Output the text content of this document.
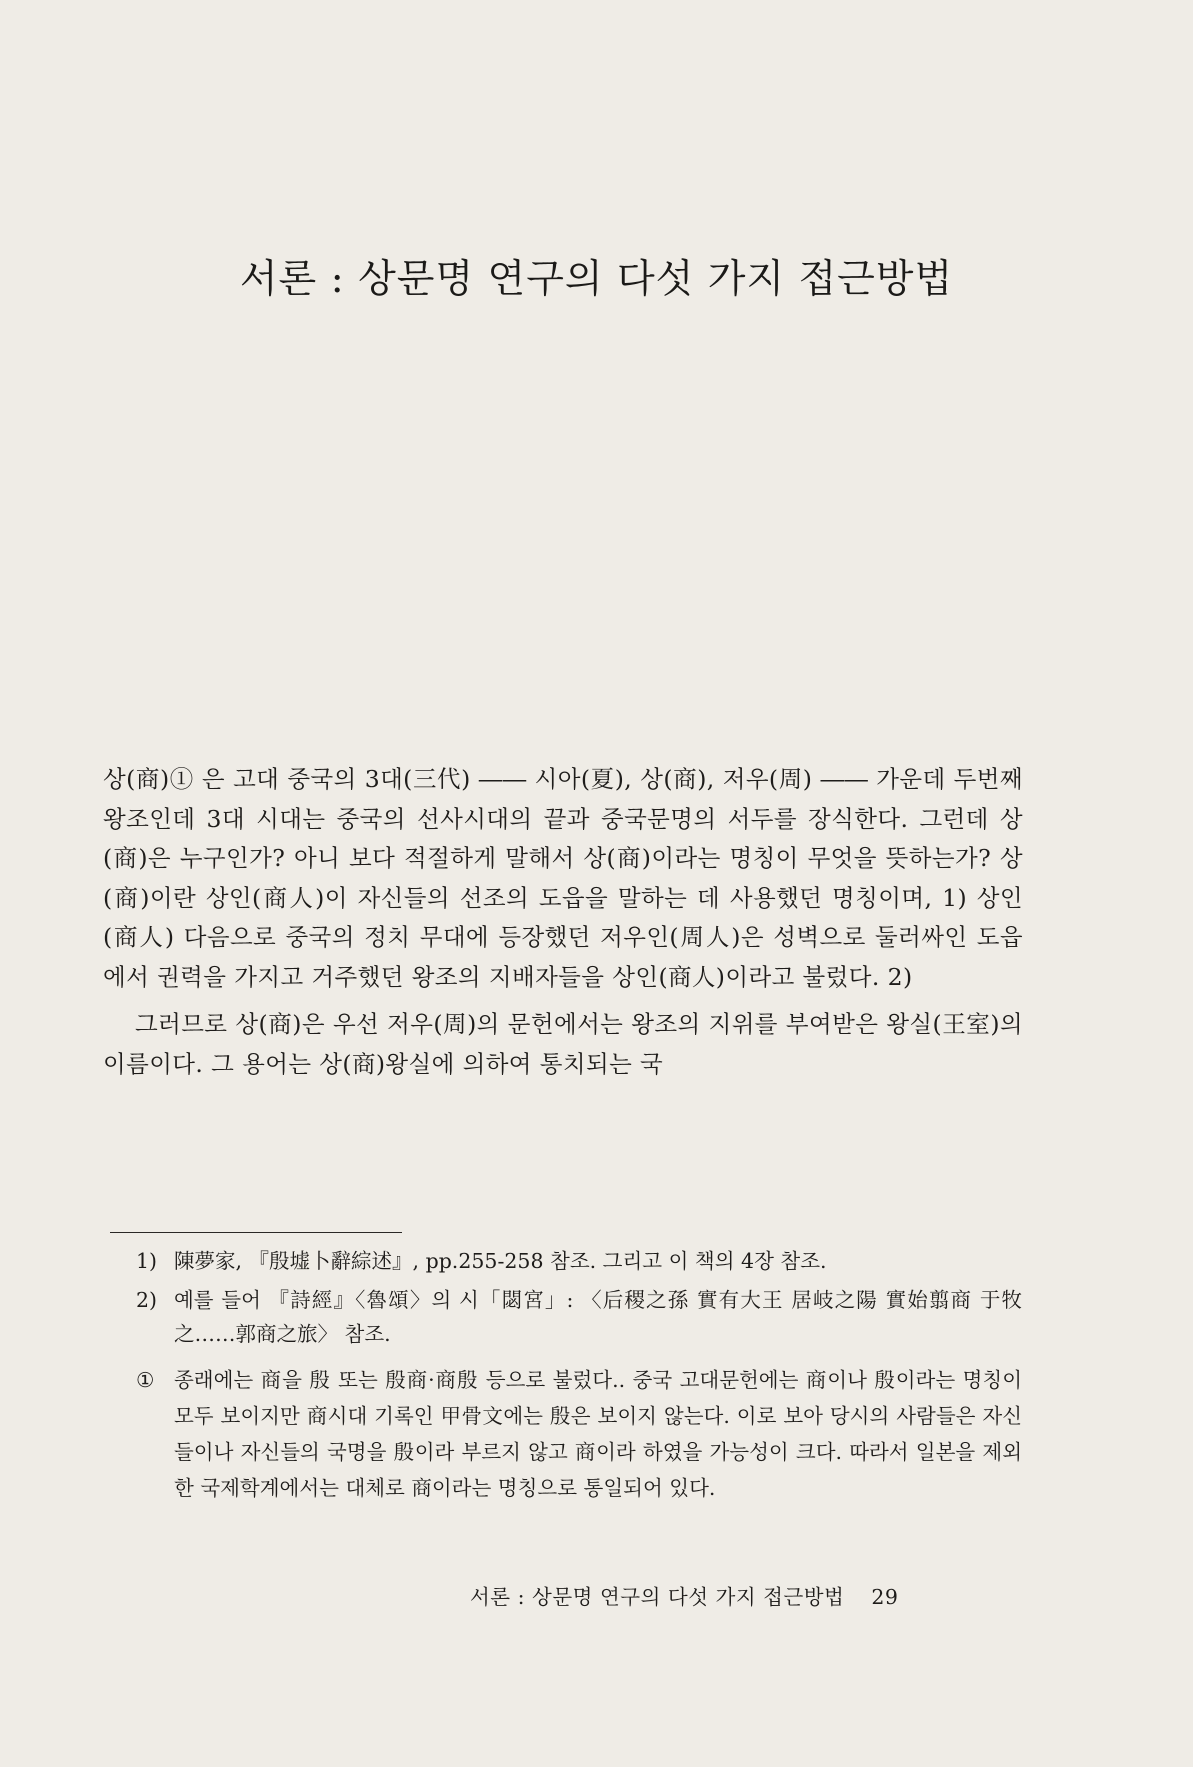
서론 : 상문명 연구의 다섯 가지 접근방법

상(商)① 은 고대 중국의 3대(三代) ―― 시아(夏), 상(商), 저우(周) ―― 가운데 두번째 왕조인데 3대 시대는 중국의 선사시대의 끝과 중국문명의 서두를 장식한다. 그런데 상(商)은 누구인가? 아니 보다 적절하게 말해서 상(商)이라는 명칭이 무엇을 뜻하는가? 상(商)이란 상인(商人)이 자신들의 선조의 도읍을 말하는 데 사용했던 명칭이며, 1) 상인(商人) 다음으로 중국의 정치 무대에 등장했던 저우인(周人)은 성벽으로 둘러싸인 도읍에서 권력을 가지고 거주했던 왕조의 지배자들을 상인(商人)이라고 불렀다. 2)

그러므로 상(商)은 우선 저우(周)의 문헌에서는 왕조의 지위를 부여받은 왕실(王室)의 이름이다. 그 용어는 상(商)왕실에 의하여 통치되는 국

1) 陳夢家, 『殷墟卜辭綜述』, pp.255-258 참조. 그리고 이 책의 4장 참조.
2) 예를 들어 『詩經』〈魯頌〉의 시「閟宮」: 〈后稷之孫 實有大王 居岐之陽 實始翦商 于牧之……郭商之旅〉 참조.
① 종래에는 商을 殷 또는 殷商·商殷 등으로 불렀다.. 중국 고대문헌에는 商이나 殷이라는 명칭이 모두 보이지만 商시대 기록인 甲骨文에는 殷은 보이지 않는다. 이로 보아 당시의 사람들은 자신들이나 자신들의 국명을 殷이라 부르지 않고 商이라 하였을 가능성이 크다. 따라서 일본을 제외한 국제학계에서는 대체로 商이라는 명칭으로 통일되어 있다.
서론 : 상문명 연구의 다섯 가지 접근방법 29
